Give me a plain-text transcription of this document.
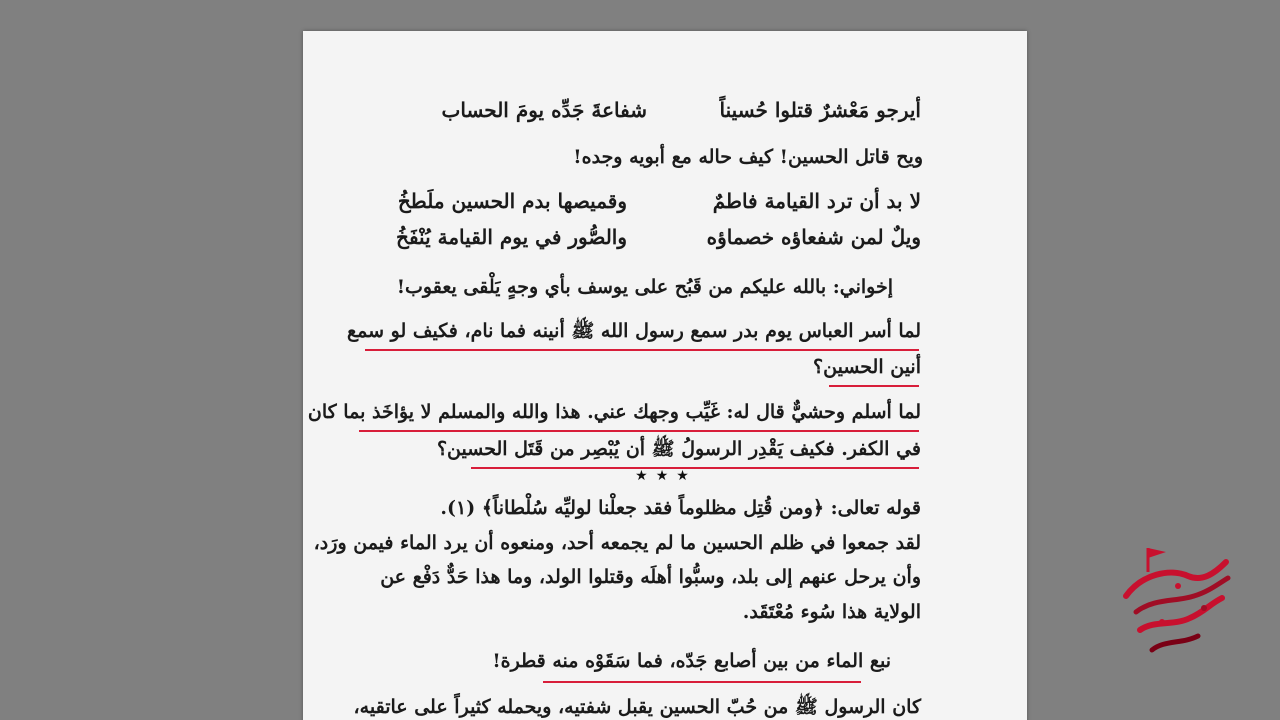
أيرجو مَعْشرٌ قتلوا حُسيناً
شفاعةَ جَدِّه يومَ الحساب
ويح قاتل الحسين! كيف حاله مع أبويه وجده!
لا بد أن ترد القيامة فاطمٌ
وقميصها بدم الحسين ملَطخُ
ويلٌ لمن شفعاؤه خصماؤه
والصُّور في يوم القيامة يُنْفَخُ
إخواني: بالله عليكم من قَبُح على يوسف بأي وجهٍ يَلْقى يعقوب!
لما أسر العباس يوم بدر سمع رسول الله ﷺ أنينه فما نام، فكيف لو سمع
أنين الحسين؟
لما أسلم وحشيٌّ قال له: غَيِّب وجهك عني. هذا والله والمسلم لا يؤاخَذ بما كان
في الكفر. فكيف يَقْدِر الرسولُ ﷺ أن يُبْصِر من قَتَل الحسين؟
★★★
قوله تعالى: ﴿ومن قُتِل مظلوماً فقد جعلْنا لوليِّه سُلْطاناً﴾ (١).
لقد جمعوا في ظلم الحسين ما لم يجمعه أحد، ومنعوه أن يرد الماء فيمن ورَد،
وأن يرحل عنهم إلى بلد، وسبُّوا أهلَه وقتلوا الولد، وما هذا حَدٌّ دَفْع عن
الولاية هذا سُوء مُعْتَقَد.
نبع الماء من بين أصابع جَدّه، فما سَقَوْه منه قطرة!
كان الرسول ﷺ من حُبّ الحسين يقبل شفتيه، ويحمله كثيراً على عاتقيه،
